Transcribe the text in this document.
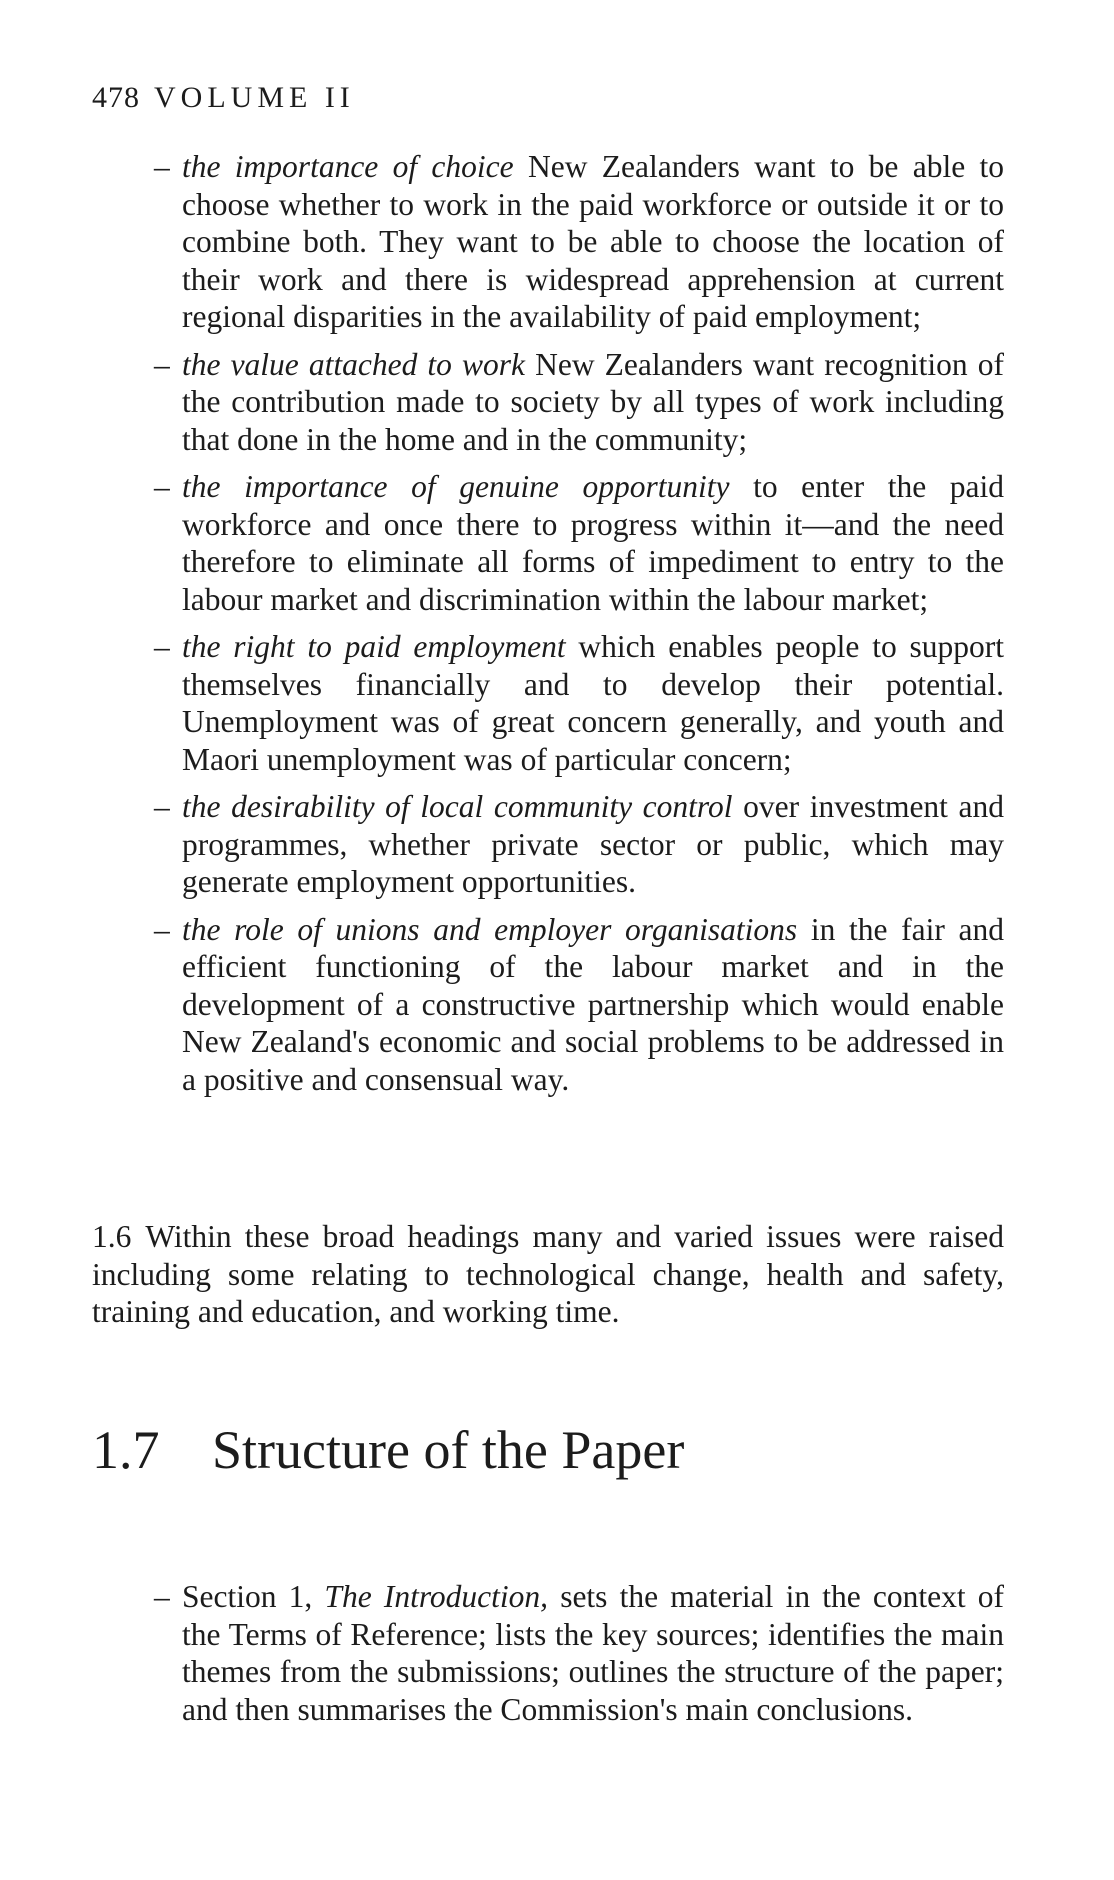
478 VOLUME II
– the importance of choice New Zealanders want to be able to choose whether to work in the paid workforce or outside it or to combine both. They want to be able to choose the location of their work and there is widespread apprehension at current regional disparities in the availability of paid employment;
– the value attached to work New Zealanders want recognition of the contribution made to society by all types of work including that done in the home and in the community;
– the importance of genuine opportunity to enter the paid workforce and once there to progress within it—and the need therefore to eliminate all forms of impediment to entry to the labour market and discrimination within the labour market;
– the right to paid employment which enables people to support themselves financially and to develop their potential. Unemployment was of great concern generally, and youth and Maori unemployment was of particular concern;
– the desirability of local community control over investment and programmes, whether private sector or public, which may generate employment opportunities.
– the role of unions and employer organisations in the fair and efficient functioning of the labour market and in the development of a constructive partnership which would enable New Zealand's economic and social problems to be addressed in a positive and consensual way.

1.6 Within these broad headings many and varied issues were raised including some relating to technological change, health and safety, training and education, and working time.

1.7 Structure of the Paper
– Section 1, The Introduction, sets the material in the context of the Terms of Reference; lists the key sources; identifies the main themes from the submissions; outlines the structure of the paper; and then summarises the Commission's main conclusions.
